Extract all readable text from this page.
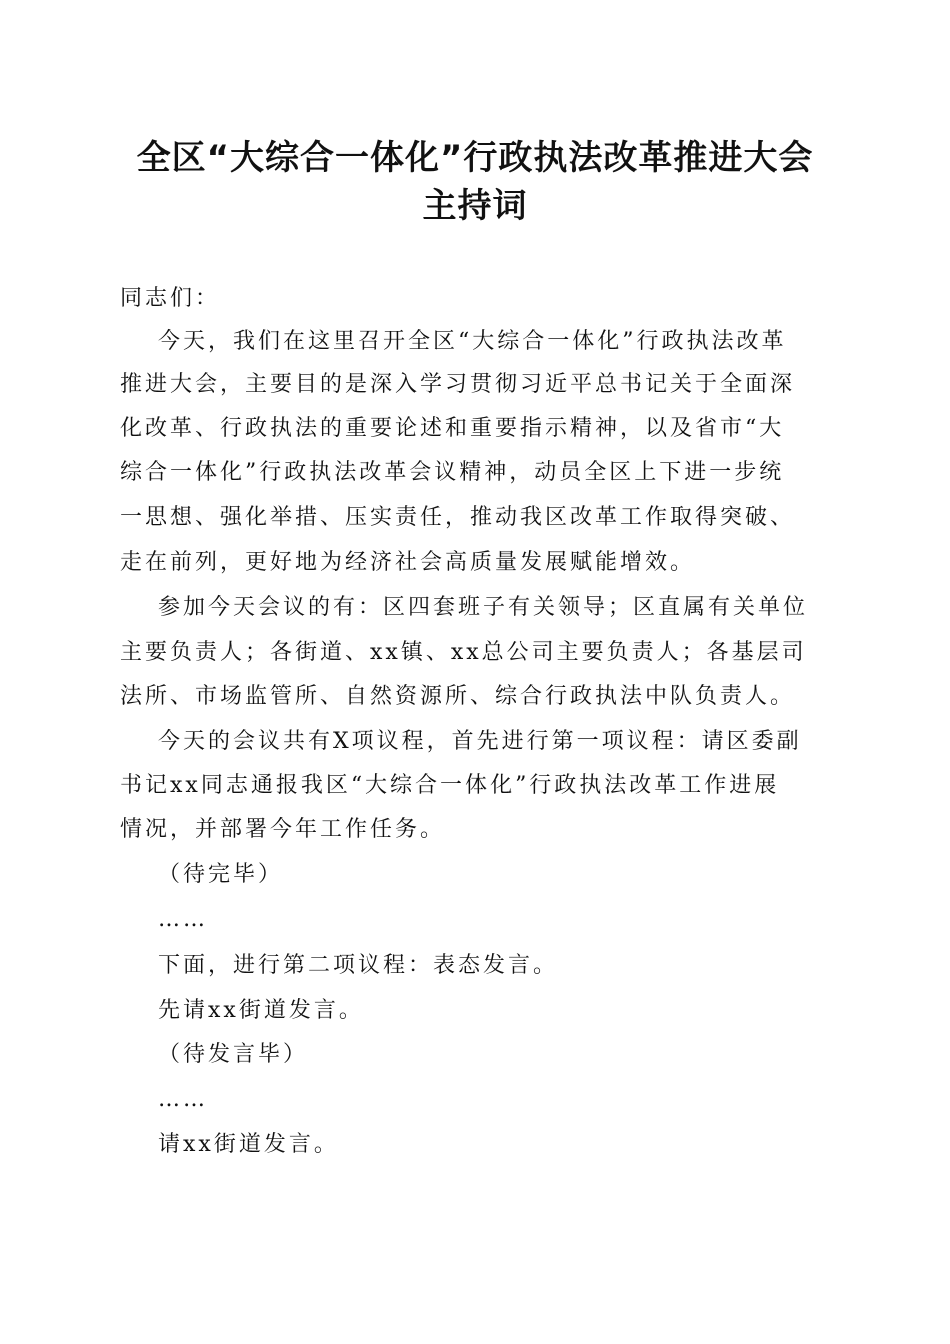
全区“大综合一体化”行政执法改革推进大会
主持词
同志们：
今天，我们在这里召开全区“大综合一体化”行政执法改革
推进大会，主要目的是深入学习贯彻习近平总书记关于全面深
化改革、行政执法的重要论述和重要指示精神，以及省市“大
综合一体化”行政执法改革会议精神，动员全区上下进一步统
一思想、强化举措、压实责任，推动我区改革工作取得突破、
走在前列，更好地为经济社会高质量发展赋能增效。
参加今天会议的有：区四套班子有关领导；区直属有关单位
主要负责人；各街道、xx镇、xx总公司主要负责人；各基层司
法所、市场监管所、自然资源所、综合行政执法中队负责人。
今天的会议共有X项议程，首先进行第一项议程：请区委副
书记xx同志通报我区“大综合一体化”行政执法改革工作进展
情况，并部署今年工作任务。
（待完毕）
……
下面，进行第二项议程：表态发言。
先请xx街道发言。
（待发言毕）
……
请xx街道发言。
